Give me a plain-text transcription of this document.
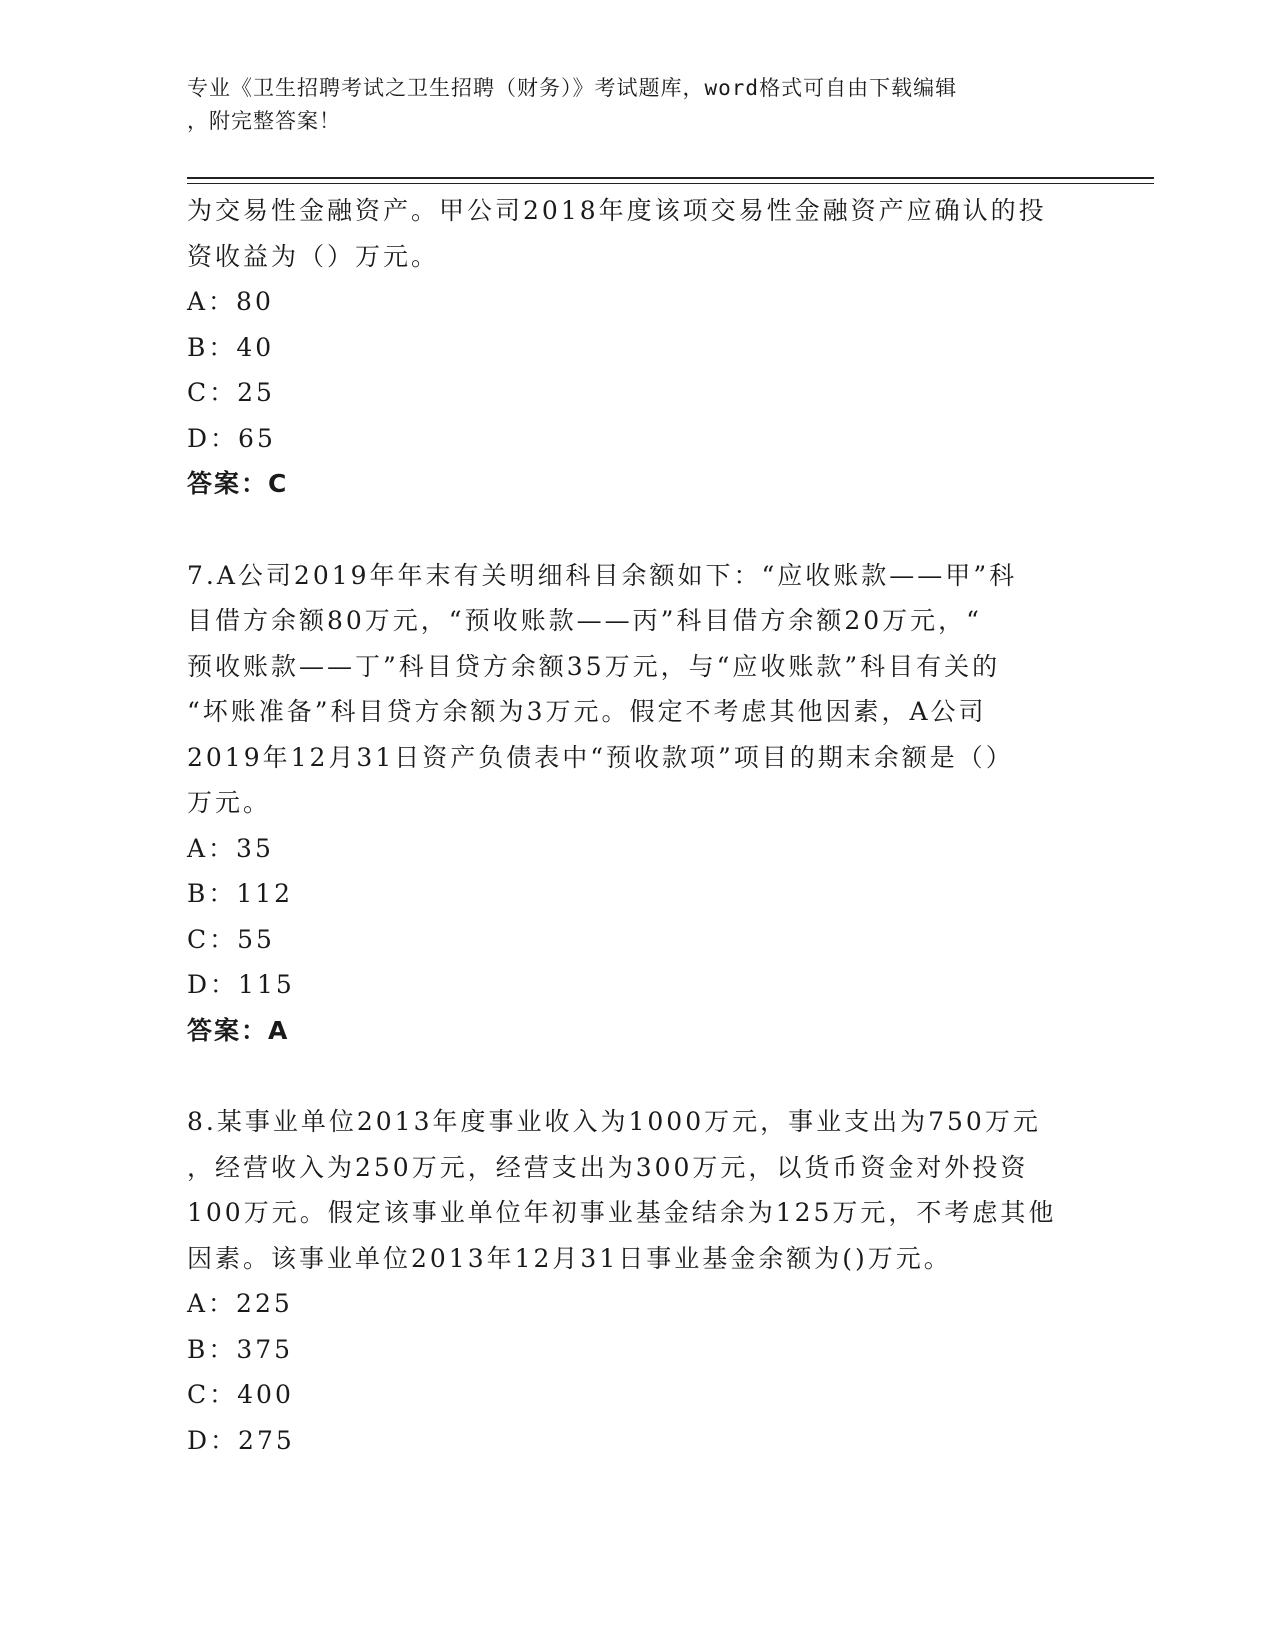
专业《卫生招聘考试之卫生招聘（财务）》考试题库，word格式可自由下载编辑
，附完整答案！
为交易性金融资产。甲公司2018年度该项交易性金融资产应确认的投
资收益为（）万元。
A：80
B：40
C：25
D：65
答案：C
7.A公司2019年年末有关明细科目余额如下：“应收账款——甲”科
目借方余额80万元，“预收账款——丙”科目借方余额20万元，“
预收账款——丁”科目贷方余额35万元，与“应收账款”科目有关的
“坏账准备”科目贷方余额为3万元。假定不考虑其他因素，A公司
2019年12月31日资产负债表中“预收款项”项目的期末余额是（）
万元。
A：35
B：112
C：55
D：115
答案：A
8.某事业单位2013年度事业收入为1000万元，事业支出为750万元
，经营收入为250万元，经营支出为300万元，以货币资金对外投资
100万元。假定该事业单位年初事业基金结余为125万元，不考虑其他
因素。该事业单位2013年12月31日事业基金余额为()万元。
A：225
B：375
C：400
D：275
